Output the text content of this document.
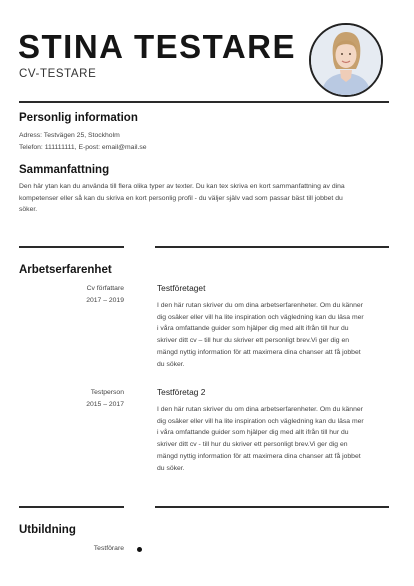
STINA TESTARE
CV-TESTARE
Personlig information
Adress: Testvägen 25, Stockholm
Telefon: 111111111, E-post: email@mail.se
Sammanfattning
Den här ytan kan du använda till flera olika typer av texter. Du kan tex skriva en kort sammanfattning av dina
kompetenser eller så kan du skriva en kort personlig profil - du väljer själv vad som passar bäst till jobbet du
söker.
Arbetserfarenhet
Cv författare
2017 – 2019
Testföretaget
I den här rutan skriver du om dina arbetserfarenheter. Om du känner
dig osäker eller vill ha lite inspiration och vägledning kan du läsa mer
i våra omfattande guider som hjälper dig med allt ifrån till hur du
skriver ditt cv – till hur du skriver ett personligt brev.Vi ger dig en
mängd nyttig information för att maximera dina chanser att få jobbet
du söker.
Testperson
2015 – 2017
Testföretag 2
I den här rutan skriver du om dina arbetserfarenheter. Om du känner
dig osäker eller vill ha lite inspiration och vägledning kan du läsa mer
i våra omfattande guider som hjälper dig med allt ifrån till hur du
skriver ditt cv - till hur du skriver ett personligt brev.Vi ger dig en
mängd nyttig information för att maximera dina chanser att få jobbet
du söker.
Utbildning
Testförare
